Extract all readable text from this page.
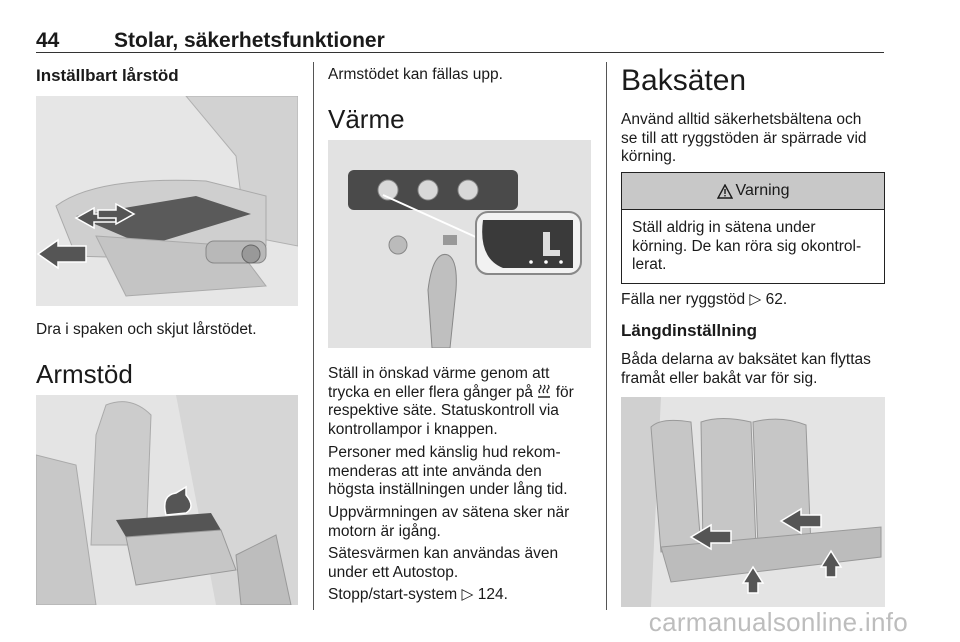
44	Stolar, säkerhetsfunktioner
Inställbart lårstöd
Dra i spaken och skjut lårstödet.
Armstöd
Armstödet kan fällas upp.
Värme
Ställ in önskad värme genom att
trycka en eller flera gånger på för
respektive säte. Statuskontroll via
kontrollampor i knappen.
Personer med känslig hud rekom-
menderas att inte använda den
högsta inställningen under lång tid.
Uppvärmningen av sätena sker när
motorn är igång.
Sätesvärmen kan användas även
under ett Autostop.
Stopp/start-system ▷ 124.
Baksäten
Använd alltid säkerhetsbältena och
se till att ryggstöden är spärrade vid
körning.
Varning
Ställ aldrig in sätena under
körning. De kan röra sig okontrol-
lerat.
Fälla ner ryggstöd ▷ 62.
Längdinställning
Båda delarna av baksätet kan flyttas
framåt eller bakåt var för sig.
carmanualsonline.info
